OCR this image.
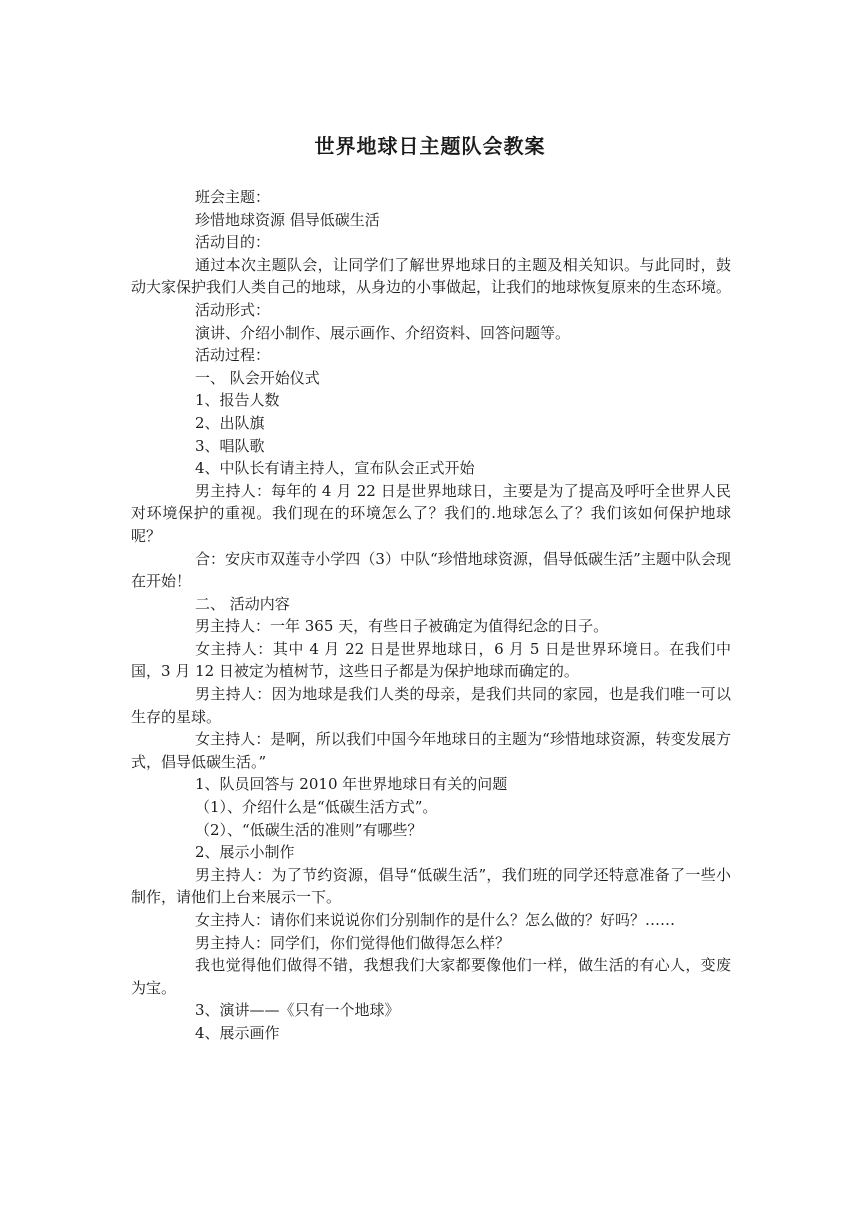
世界地球日主题队会教案

班会主题：

珍惜地球资源 倡导低碳生活

活动目的：

通过本次主题队会，让同学们了解世界地球日的主题及相关知识。与此同时，鼓动大家保护我们人类自己的地球，从身边的小事做起，让我们的地球恢复原来的生态环境。

活动形式：

演讲、介绍小制作、展示画作、介绍资料、回答问题等。

活动过程：

一、 队会开始仪式

1、报告人数

2、出队旗

3、唱队歌

4、中队长有请主持人，宣布队会正式开始

男主持人：每年的 4 月 22 日是世界地球日，主要是为了提高及呼吁全世界人民对环境保护的重视。我们现在的环境怎么了？我们的.地球怎么了？我们该如何保护地球呢？

合：安庆市双莲寺小学四（3）中队“珍惜地球资源，倡导低碳生活”主题中队会现在开始！

二、 活动内容

男主持人：一年 365 天，有些日子被确定为值得纪念的日子。

女主持人：其中 4 月 22 日是世界地球日，6 月 5 日是世界环境日。在我们中国，3 月 12 日被定为植树节，这些日子都是为保护地球而确定的。

男主持人：因为地球是我们人类的母亲，是我们共同的家园，也是我们唯一可以生存的星球。

女主持人：是啊，所以我们中国今年地球日的主题为“珍惜地球资源，转变发展方式，倡导低碳生活。”

1、队员回答与 2010 年世界地球日有关的问题

（1）、介绍什么是“低碳生活方式”。

（2）、“低碳生活的准则”有哪些？

2、展示小制作

男主持人：为了节约资源，倡导“低碳生活”，我们班的同学还特意准备了一些小制作，请他们上台来展示一下。

女主持人：请你们来说说你们分别制作的是什么？怎么做的？好吗？……

男主持人：同学们，你们觉得他们做得怎么样？

我也觉得他们做得不错，我想我们大家都要像他们一样，做生活的有心人，变废为宝。

3、演讲——《只有一个地球》

4、展示画作
